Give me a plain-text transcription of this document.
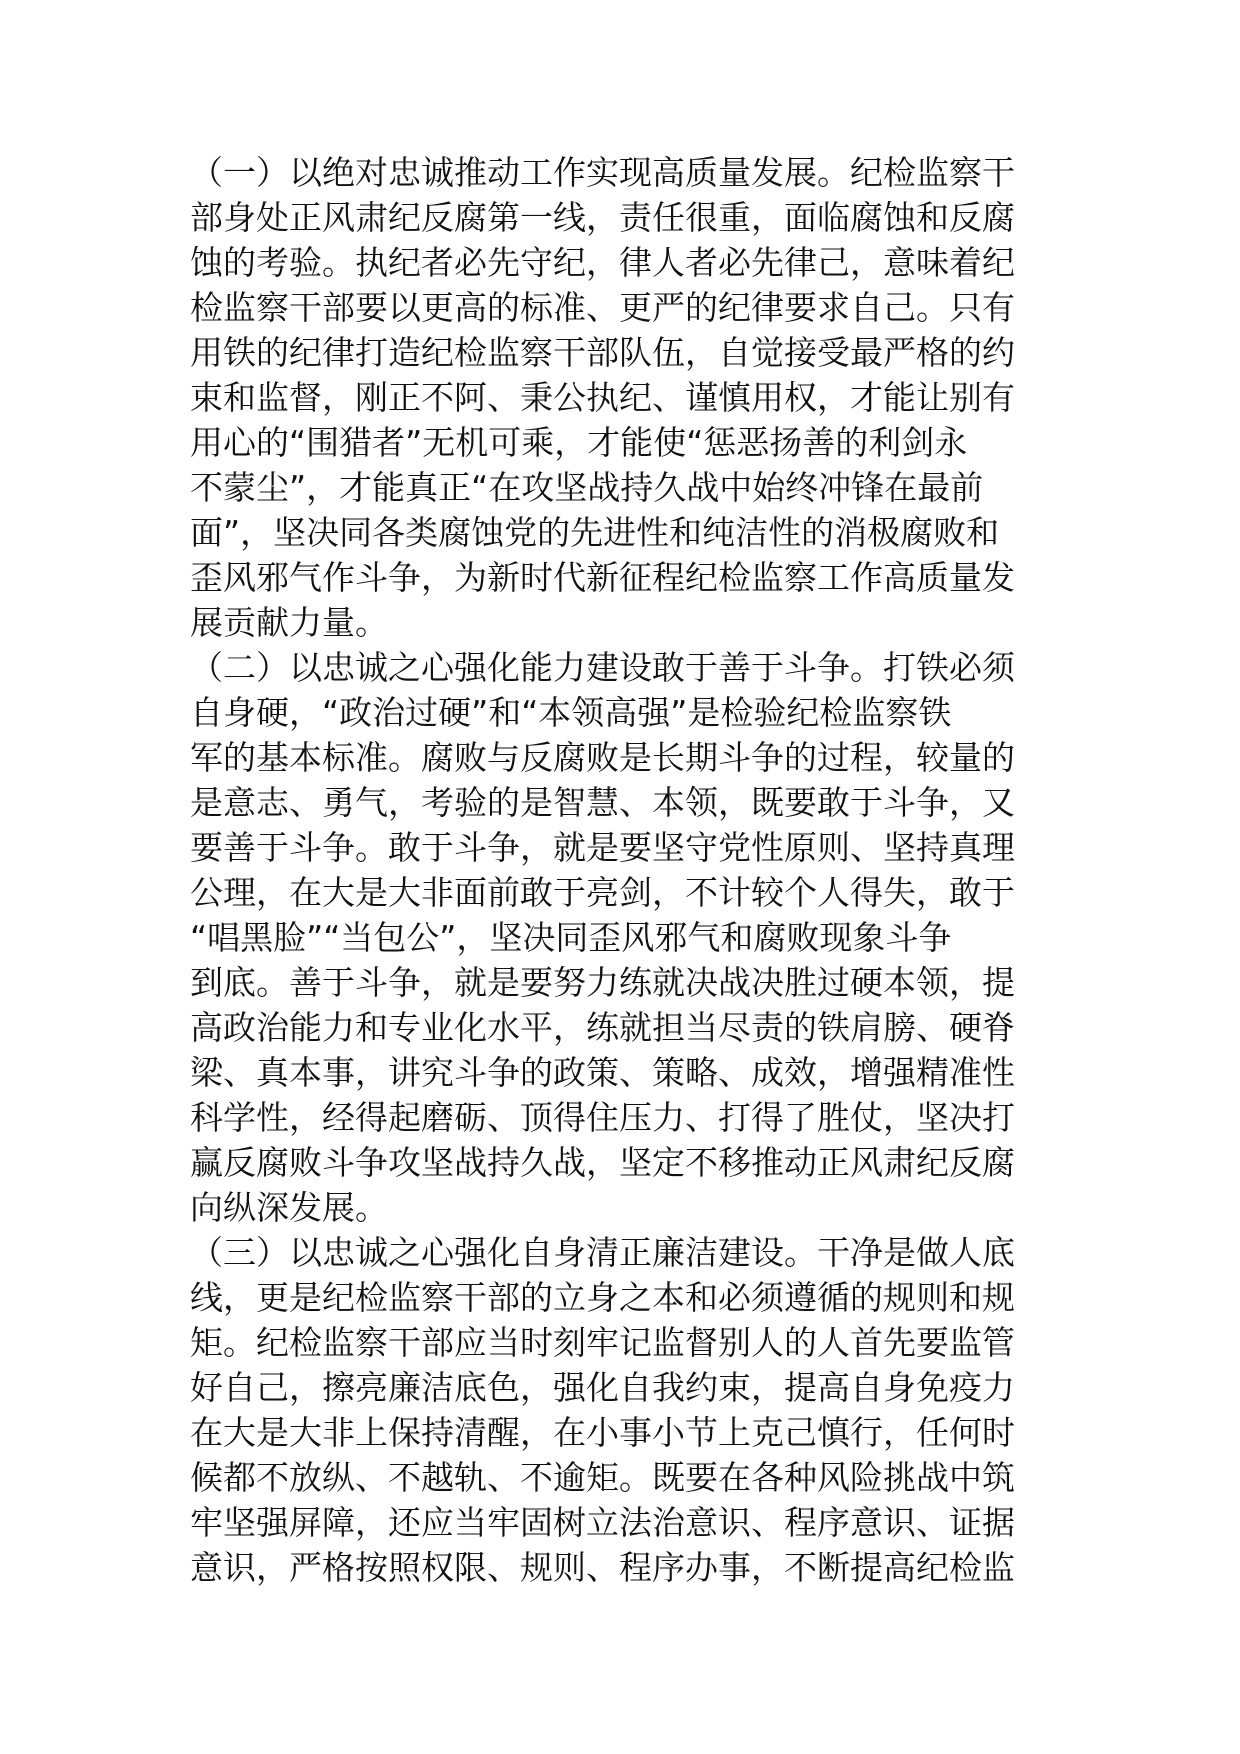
（一）以绝对忠诚推动工作实现高质量发展。纪检监察干
部身处正风肃纪反腐第一线，责任很重，面临腐蚀和反腐
蚀的考验。执纪者必先守纪，律人者必先律己，意味着纪
检监察干部要以更高的标准、更严的纪律要求自己。只有
用铁的纪律打造纪检监察干部队伍，自觉接受最严格的约
束和监督，刚正不阿、秉公执纪、谨慎用权，才能让别有
用心的“围猎者”无机可乘，才能使“惩恶扬善的利剑永
不蒙尘”，才能真正“在攻坚战持久战中始终冲锋在最前
面”，坚决同各类腐蚀党的先进性和纯洁性的消极腐败和
歪风邪气作斗争，为新时代新征程纪检监察工作高质量发
展贡献力量。
（二）以忠诚之心强化能力建设敢于善于斗争。打铁必须
自身硬，“政治过硬”和“本领高强”是检验纪检监察铁
军的基本标准。腐败与反腐败是长期斗争的过程，较量的
是意志、勇气，考验的是智慧、本领，既要敢于斗争，又
要善于斗争。敢于斗争，就是要坚守党性原则、坚持真理
公理，在大是大非面前敢于亮剑，不计较个人得失，敢于
“唱黑脸”“当包公”，坚决同歪风邪气和腐败现象斗争
到底。善于斗争，就是要努力练就决战决胜过硬本领，提
高政治能力和专业化水平，练就担当尽责的铁肩膀、硬脊
梁、真本事，讲究斗争的政策、策略、成效，增强精准性
科学性，经得起磨砺、顶得住压力、打得了胜仗，坚决打
赢反腐败斗争攻坚战持久战，坚定不移推动正风肃纪反腐
向纵深发展。
（三）以忠诚之心强化自身清正廉洁建设。干净是做人底
线，更是纪检监察干部的立身之本和必须遵循的规则和规
矩。纪检监察干部应当时刻牢记监督别人的人首先要监管
好自己，擦亮廉洁底色，强化自我约束，提高自身免疫力
在大是大非上保持清醒，在小事小节上克己慎行，任何时
候都不放纵、不越轨、不逾矩。既要在各种风险挑战中筑
牢坚强屏障，还应当牢固树立法治意识、程序意识、证据
意识，严格按照权限、规则、程序办事，不断提高纪检监
